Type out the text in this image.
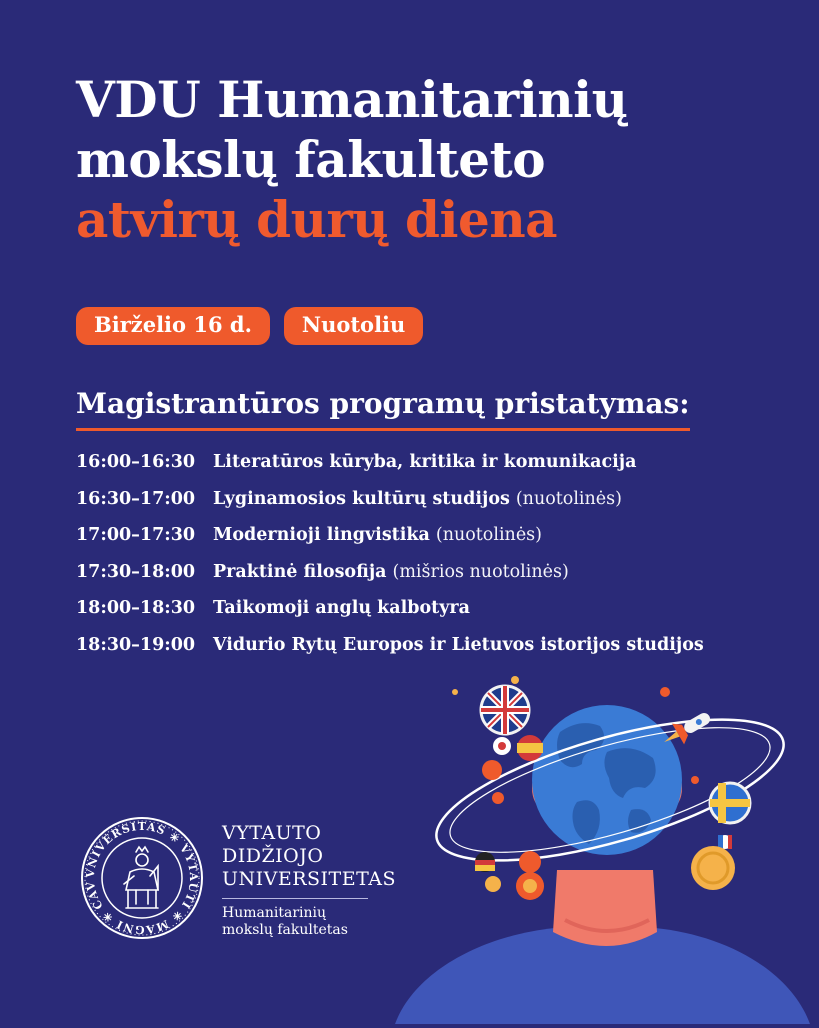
VDU Humanitarinių
mokslų fakulteto
atvirų durų diena
Birželio 16 d.	Nuotoliu
Magistrantūros programų pristatymas:
16:00–16:30	Literatūros kūryba, kritika ir komunikacija
16:30–17:00	Lyginamosios kultūrų studijos (nuotolinės)
17:00–17:30	Modernioji lingvistika (nuotolinės)
17:30–18:00	Praktinė filosofija (mišrios nuotolinės)
18:00–18:30	Taikomoji anglų kalbotyra
18:30–19:00	Vidurio Rytų Europos ir Lietuvos istorijos studijos
VNIVERSITAS ✳ VYTAUTI ✳ MAGNI ✳ CAV
VYTAUTO
DIDŽIOJO
UNIVERSITETAS
Humanitarinių
mokslų fakultetas
